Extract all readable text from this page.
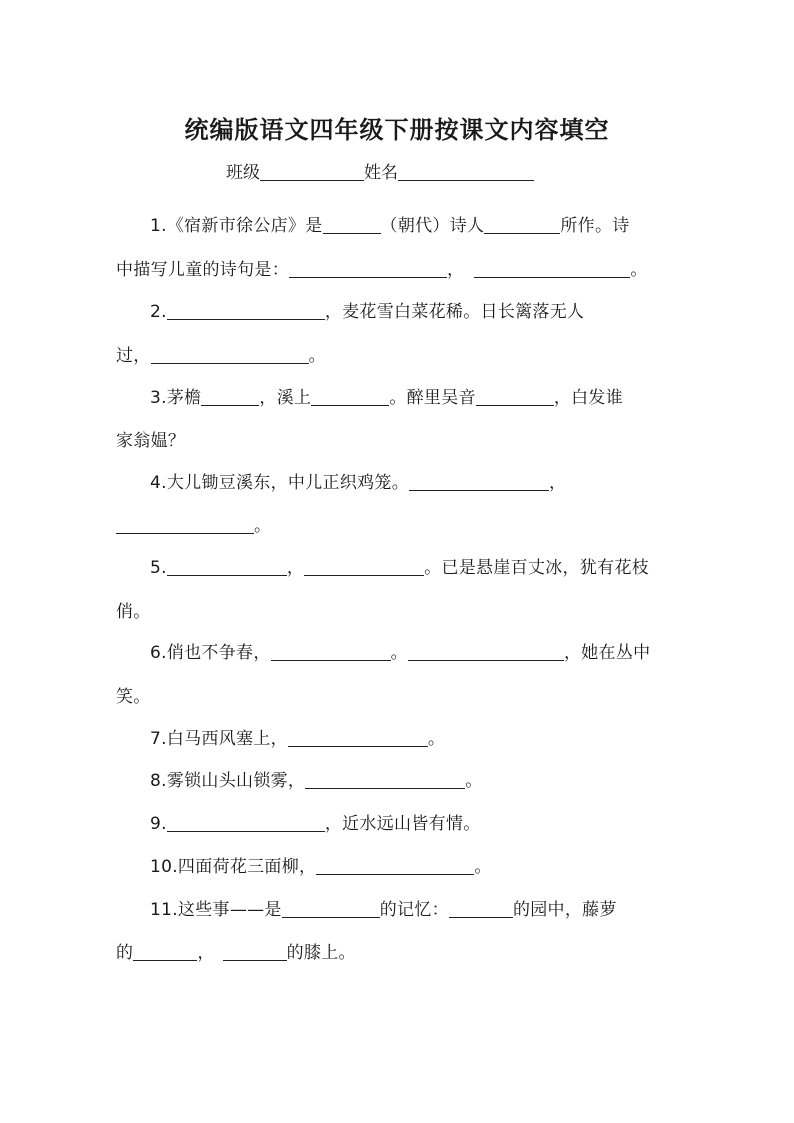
统编版语文四年级下册按课文内容填空
班级	姓名
1.《宿新市徐公店》是	（朝代）诗人	所作。诗
中描写儿童的诗句是：	，	。
2.	，麦花雪白菜花稀。日长篱落无人
过，	。
3.茅檐	，溪上	。醉里吴音	，白发谁
家翁媪？
4.大儿锄豆溪东，中儿正织鸡笼。	，
。
5.	，	。已是悬崖百丈冰，犹有花枝
俏。
6.俏也不争春，	。	，她在丛中
笑。
7.白马西风塞上，	。
8.雾锁山头山锁雾，	。
9.	，近水远山皆有情。
10.四面荷花三面柳，	。
11.这些事——是	的记忆：	的园中，藤萝
的	，	的膝上。
